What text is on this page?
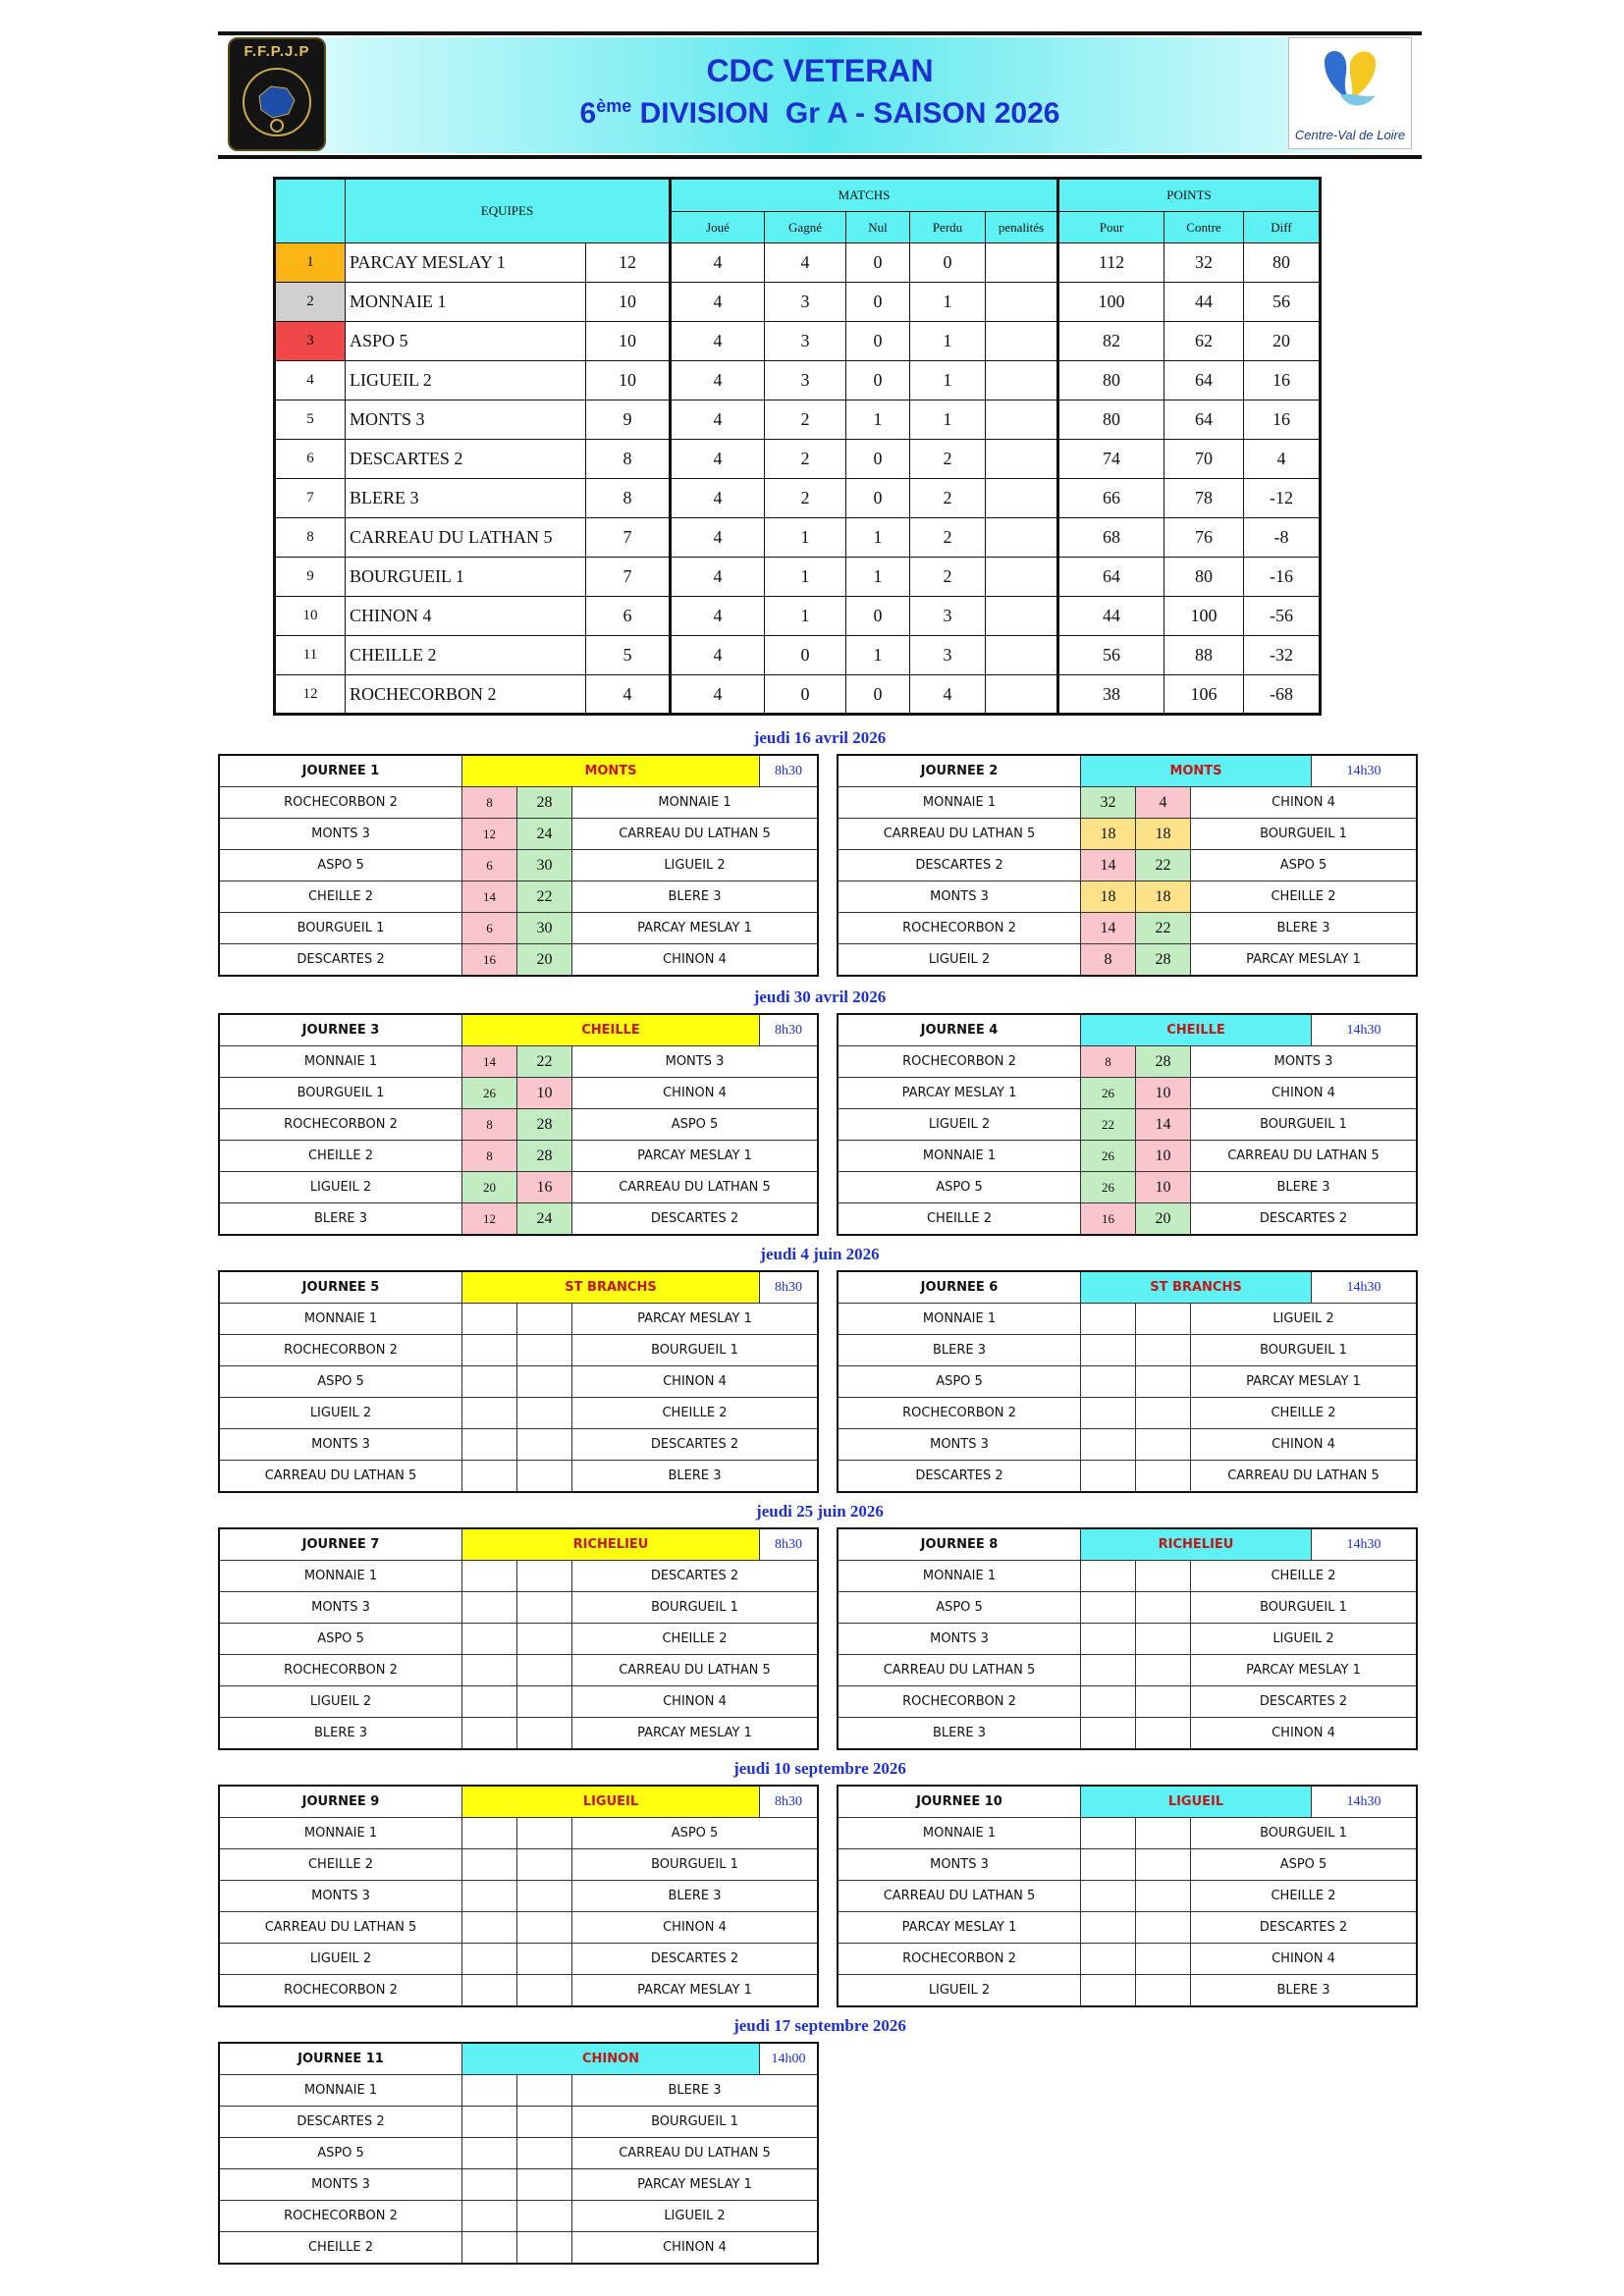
F.F.P.J.P
CDC VETERAN
6ème DIVISION  Gr A - SAISON 2026
Centre-Val de Loire
	EQUIPES		MATCHS					POINTS		
			Joué	Gagné	Nul	Perdu	penalités	Pour	Contre	Diff
1	PARCAY MESLAY 1	12	4	4	0	0		112	32	80
2	MONNAIE 1	10	4	3	0	1		100	44	56
3	ASPO 5	10	4	3	0	1		82	62	20
4	LIGUEIL 2	10	4	3	0	1		80	64	16
5	MONTS 3	9	4	2	1	1		80	64	16
6	DESCARTES 2	8	4	2	0	2		74	70	4
7	BLERE 3	8	4	2	0	2		66	78	-12
8	CARREAU DU LATHAN 5	7	4	1	1	2		68	76	-8
9	BOURGUEIL 1	7	4	1	1	2		64	80	-16
10	CHINON 4	6	4	1	0	3		44	100	-56
11	CHEILLE 2	5	4	0	1	3		56	88	-32
12	ROCHECORBON 2	4	4	0	0	4		38	106	-68
jeudi 16 avril 2026
JOURNEE 1	MONTS			8h30
ROCHECORBON 2	8	28	MONNAIE 1	
MONTS 3	12	24	CARREAU DU LATHAN 5	
ASPO 5	6	30	LIGUEIL 2	
CHEILLE 2	14	22	BLERE 3	
BOURGUEIL 1	6	30	PARCAY MESLAY 1	
DESCARTES 2	16	20	CHINON 4	
JOURNEE 2	MONTS			14h30
MONNAIE 1	32	4	CHINON 4	
CARREAU DU LATHAN 5	18	18	BOURGUEIL 1	
DESCARTES 2	14	22	ASPO 5	
MONTS 3	18	18	CHEILLE 2	
ROCHECORBON 2	14	22	BLERE 3	
LIGUEIL 2	8	28	PARCAY MESLAY 1	
jeudi 30 avril 2026
JOURNEE 3	CHEILLE			8h30
MONNAIE 1	14	22	MONTS 3	
BOURGUEIL 1	26	10	CHINON 4	
ROCHECORBON 2	8	28	ASPO 5	
CHEILLE 2	8	28	PARCAY MESLAY 1	
LIGUEIL 2	20	16	CARREAU DU LATHAN 5	
BLERE 3	12	24	DESCARTES 2	
JOURNEE 4	CHEILLE			14h30
ROCHECORBON 2	8	28	MONTS 3	
PARCAY MESLAY 1	26	10	CHINON 4	
LIGUEIL 2	22	14	BOURGUEIL 1	
MONNAIE 1	26	10	CARREAU DU LATHAN 5	
ASPO 5	26	10	BLERE 3	
CHEILLE 2	16	20	DESCARTES 2	
jeudi 4 juin 2026
JOURNEE 5	ST BRANCHS			8h30
MONNAIE 1			PARCAY MESLAY 1	
ROCHECORBON 2			BOURGUEIL 1	
ASPO 5			CHINON 4	
LIGUEIL 2			CHEILLE 2	
MONTS 3			DESCARTES 2	
CARREAU DU LATHAN 5			BLERE 3	
JOURNEE 6	ST BRANCHS			14h30
MONNAIE 1			LIGUEIL 2	
BLERE 3			BOURGUEIL 1	
ASPO 5			PARCAY MESLAY 1	
ROCHECORBON 2			CHEILLE 2	
MONTS 3			CHINON 4	
DESCARTES 2			CARREAU DU LATHAN 5	
jeudi 25 juin 2026
JOURNEE 7	RICHELIEU			8h30
MONNAIE 1			DESCARTES 2	
MONTS 3			BOURGUEIL 1	
ASPO 5			CHEILLE 2	
ROCHECORBON 2			CARREAU DU LATHAN 5	
LIGUEIL 2			CHINON 4	
BLERE 3			PARCAY MESLAY 1	
JOURNEE 8	RICHELIEU			14h30
MONNAIE 1			CHEILLE 2	
ASPO 5			BOURGUEIL 1	
MONTS 3			LIGUEIL 2	
CARREAU DU LATHAN 5			PARCAY MESLAY 1	
ROCHECORBON 2			DESCARTES 2	
BLERE 3			CHINON 4	
jeudi 10 septembre 2026
JOURNEE 9	LIGUEIL			8h30
MONNAIE 1			ASPO 5	
CHEILLE 2			BOURGUEIL 1	
MONTS 3			BLERE 3	
CARREAU DU LATHAN 5			CHINON 4	
LIGUEIL 2			DESCARTES 2	
ROCHECORBON 2			PARCAY MESLAY 1	
JOURNEE 10	LIGUEIL			14h30
MONNAIE 1			BOURGUEIL 1	
MONTS 3			ASPO 5	
CARREAU DU LATHAN 5			CHEILLE 2	
PARCAY MESLAY 1			DESCARTES 2	
ROCHECORBON 2			CHINON 4	
LIGUEIL 2			BLERE 3	
jeudi 17 septembre 2026
JOURNEE 11	CHINON			14h00
MONNAIE 1			BLERE 3	
DESCARTES 2			BOURGUEIL 1	
ASPO 5			CARREAU DU LATHAN 5	
MONTS 3			PARCAY MESLAY 1	
ROCHECORBON 2			LIGUEIL 2	
CHEILLE 2			CHINON 4	
